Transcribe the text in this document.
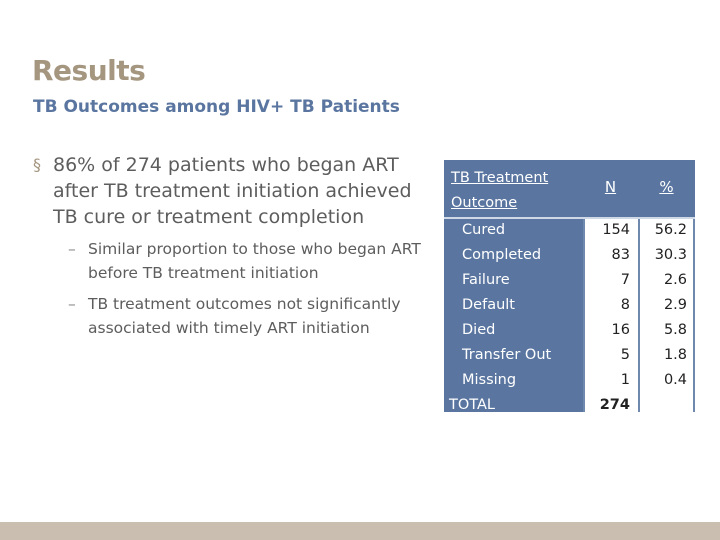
Results
TB Outcomes among HIV+ TB Patients
§ 86% of 274 patients who began ART after TB treatment initiation achieved TB cure or treatment completion
– Similar proportion to those who began ART before TB treatment initiation
– TB treatment outcomes not significantly associated with timely ART initiation
TB Treatment Outcome
Cured
Completed
Failure
Default
Died
Transfer Out
Missing
TOTAL
N
154
83
7
8
16
5
1
274
%
56.2
30.3
2.6
2.9
5.8
1.8
0.4
